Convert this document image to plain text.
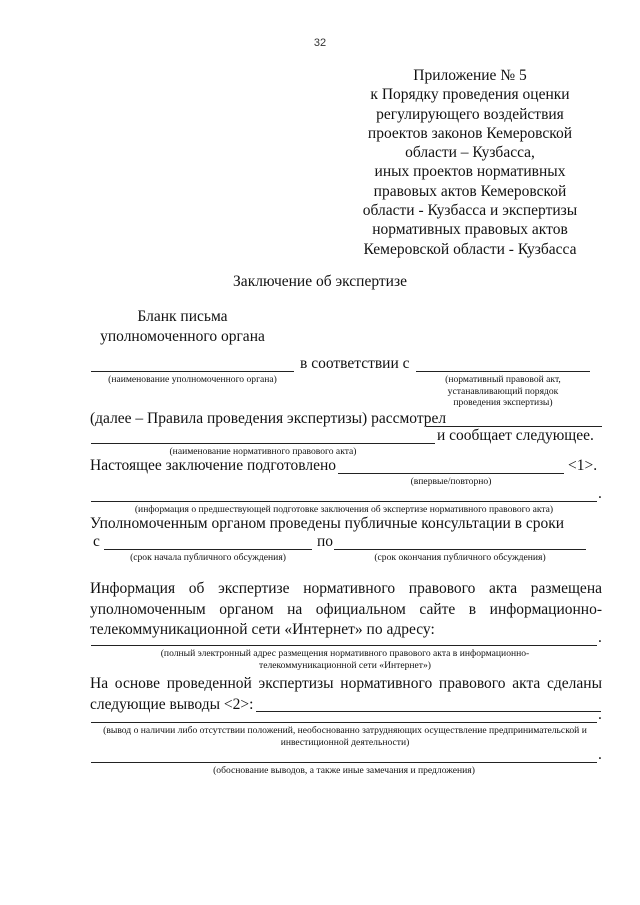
32
Приложение № 5
к Порядку проведения оценки
регулирующего воздействия
проектов законов Кемеровской
области – Кузбасса,
иных проектов нормативных
правовых актов Кемеровской
области - Кузбасса и экспертизы
нормативных правовых актов
Кемеровской области - Кузбасса
Заключение об экспертизе
Бланк письма
уполномоченного органа
в соответствии с
(наименование уполномоченного органа)	(нормативный правовой акт,
устанавливающий порядок
проведения экспертизы)
(далее – Правила проведения экспертизы) рассмотрел
и сообщает следующее.
(наименование нормативного правового акта)
Настоящее заключение подготовлено	<1>.
(впервые/повторно)
.
(информация о предшествующей подготовке заключения об экспертизе нормативного правового акта)
Уполномоченным органом проведены публичные консультации в сроки
с	по
(срок начала публичного обсуждения)	(срок окончания публичного обсуждения)
Информация об экспертизе нормативного правового акта размещена уполномоченным органом на официальном сайте в информационно-телекоммуникационной сети «Интернет» по адресу:	.
(полный электронный адрес размещения нормативного правового акта в информационно-телекоммуникационной сети «Интернет»)
На основе проведенной экспертизы нормативного правового акта сделаны следующие выводы <2>:
.
(вывод о наличии либо отсутствии положений, необоснованно затрудняющих осуществление предпринимательской и инвестиционной деятельности)
.
(обоснование выводов, а также иные замечания и предложения)
